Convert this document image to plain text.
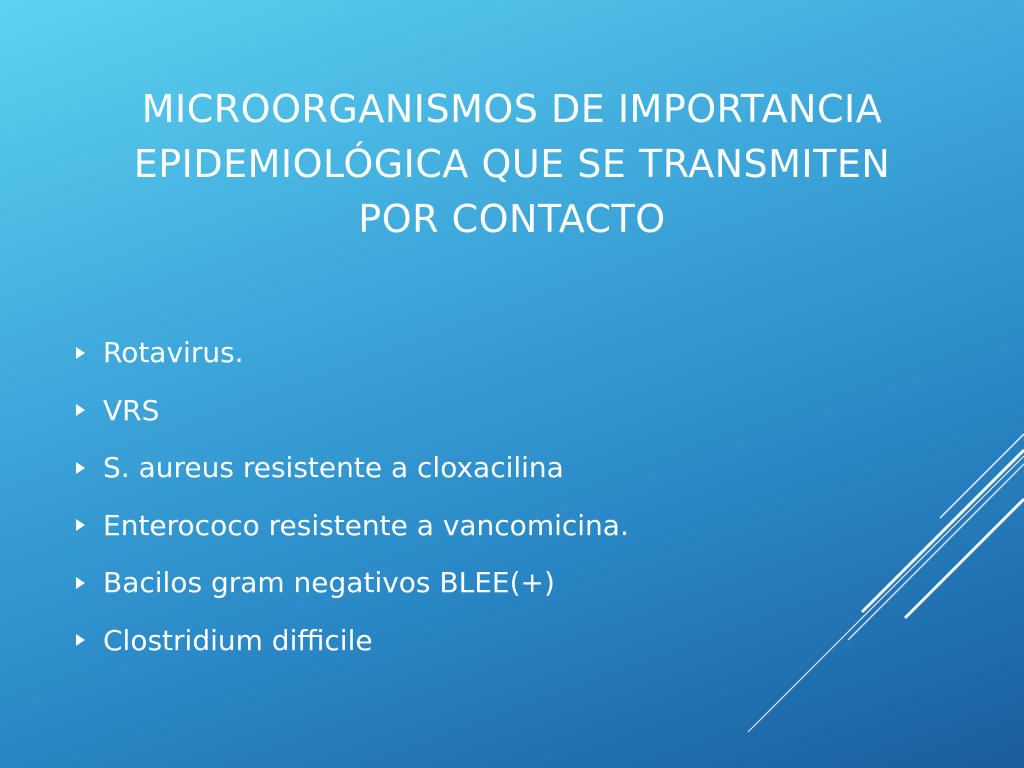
MICROORGANISMOS DE IMPORTANCIA
EPIDEMIOLÓGICA QUE SE TRANSMITEN
POR CONTACTO
Rotavirus.
VRS
S. aureus resistente a cloxacilina
Enterococo resistente a vancomicina.
Bacilos gram negativos BLEE(+)
Clostridium difficile
